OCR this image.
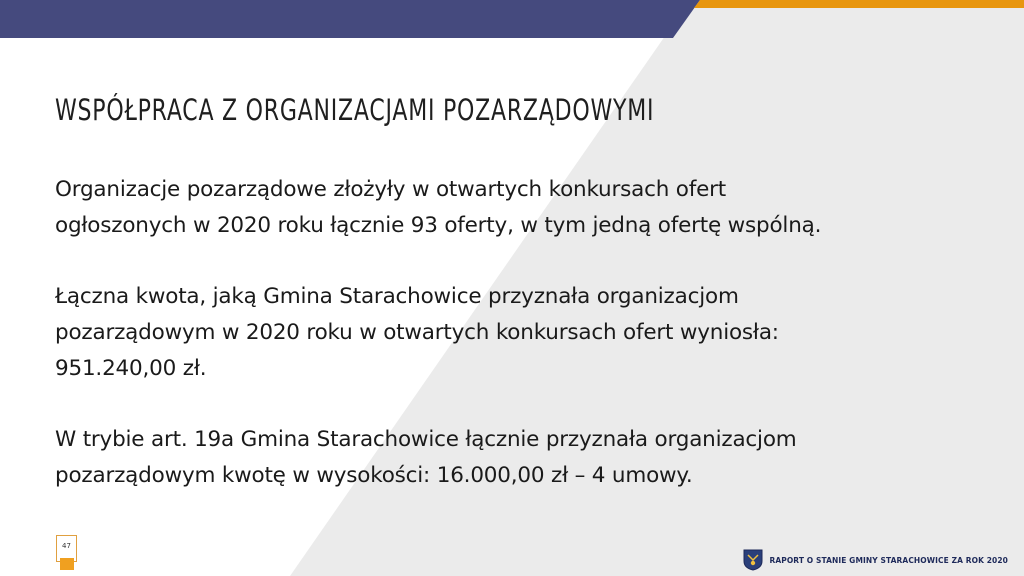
WSPÓŁPRACA Z ORGANIZACJAMI POZARZĄDOWYMI

Organizacje pozarządowe złożyły w otwartych konkursach ofert
ogłoszonych w 2020 roku łącznie 93 oferty, w tym jedną ofertę wspólną.

Łączna kwota, jaką Gmina Starachowice przyznała organizacjom
pozarządowym w 2020 roku w otwartych konkursach ofert wyniosła:
951.240,00 zł.

W trybie art. 19a Gmina Starachowice łącznie przyznała organizacjom
pozarządowym kwotę w wysokości: 16.000,00 zł – 4 umowy.

47
RAPORT O STANIE GMINY STARACHOWICE ZA ROK 2020
